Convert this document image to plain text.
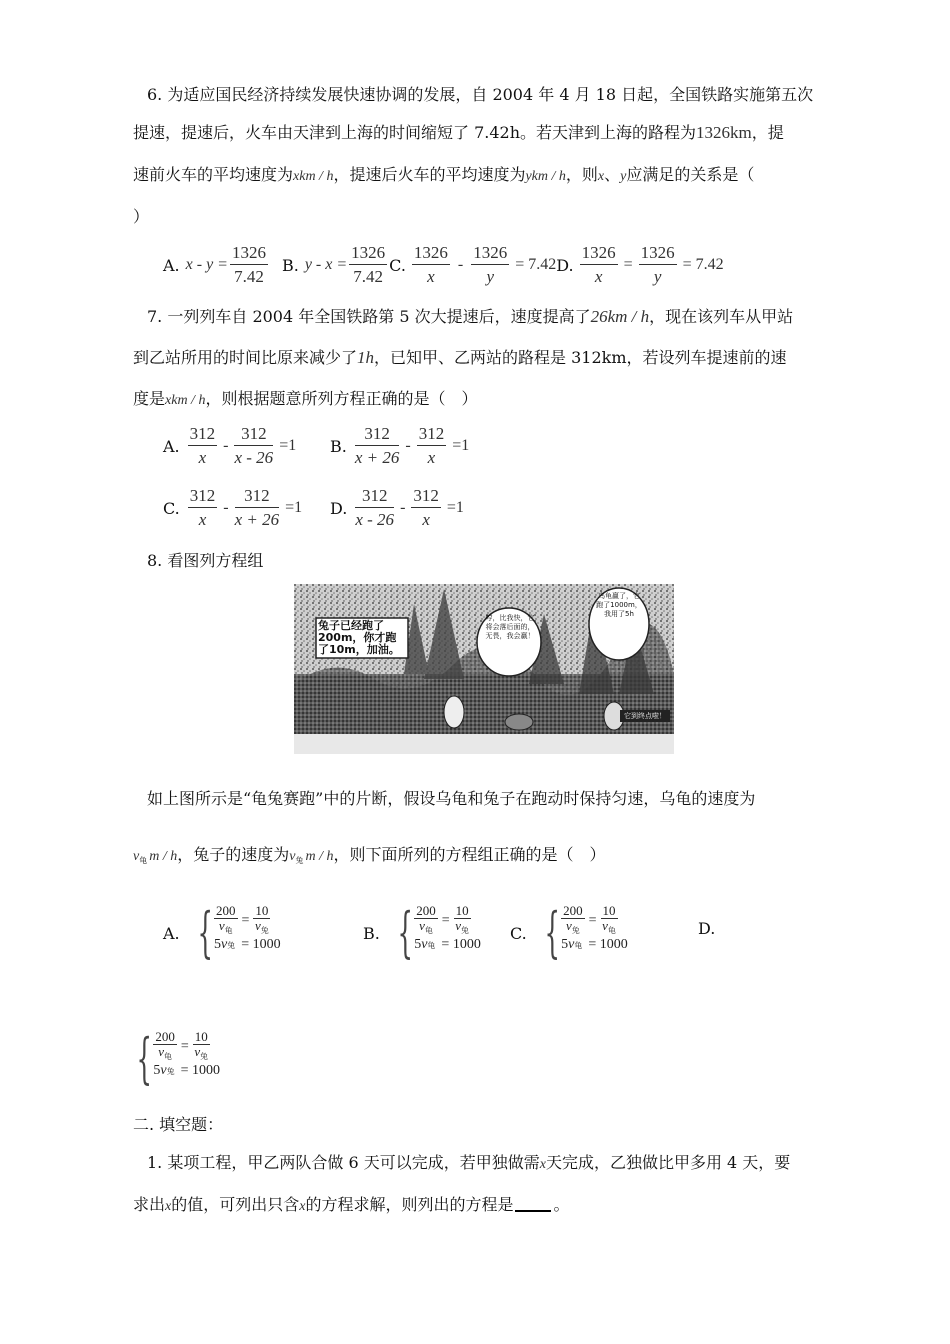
6. 为适应国民经济持续发展快速协调的发展，自 2004 年 4 月 18 日起，全国铁路实施第五次
提速，提速后，火车由天津到上海的时间缩短了 7.42h。若天津到上海的路程为1326km，提
速前火车的平均速度为xkm / h，提速后火车的平均速度为ykm / h，则x、y应满足的关系是（
）
A. $x - y = \frac{1326}{7.42} B$. $y - x = \frac{1326}{7.42} C$. $\frac{1326}{x} - \frac{1326}{y} = 7.42$ D. $\frac{1326}{x} = \frac{1326}{y} = 7.42$
7. 一列列车自 2004 年全国铁路第 5 次大提速后，速度提高了26km / h，现在该列车从甲站
到乙站所用的时间比原来减少了1h，已知甲、乙两站的路程是 312km，若设列车提速前的速
度是xkm / h，则根据题意所列方程正确的是（　）
A. $\frac{312}{x} - \frac{312}{x - 26} =1$ B. $\frac{312}{x + 26} - \frac{312}{x} =1$
C. $\frac{312}{x} - \frac{312}{x + 26} =1$ D. $\frac{312}{x - 26} - \frac{312}{x} =1$
8. 看图列方程组
兔子已经跑了200m，你才跑了10m，加油。
哼，比我快，它将会落后面的，无畏，我会赢！
乌龟赢了，它跑了1000m，我用了5h
它到终点啦！
如上图所示是“龟兔赛跑”中的片断，假设乌龟和兔子在跑动时保持匀速，乌龟的速度为
$v_龟$ m / h，兔子的速度为$v_兔$ m / h，则下面所列的方程组正确的是（　）
A. { 200
$v_龟$
=
10
$v_兔$
5 v 兔 = 1000
B. { 200
$v_龟$
=
10
$v_兔$
5 v 龟 = 1000
C. { 200
$v_兔$
=
10
$v_龟$
5 v 龟 = 1000
D.
{ 200
$v_龟$
=
10
$v_兔$
5 v 兔 = 1000
二. 填空题：
1. 某项工程，甲乙两队合做 6 天可以完成，若甲独做需x天完成，乙独做比甲多用 4 天，要
求出x的值，可列出只含x的方程求解，则列出的方程是	。
